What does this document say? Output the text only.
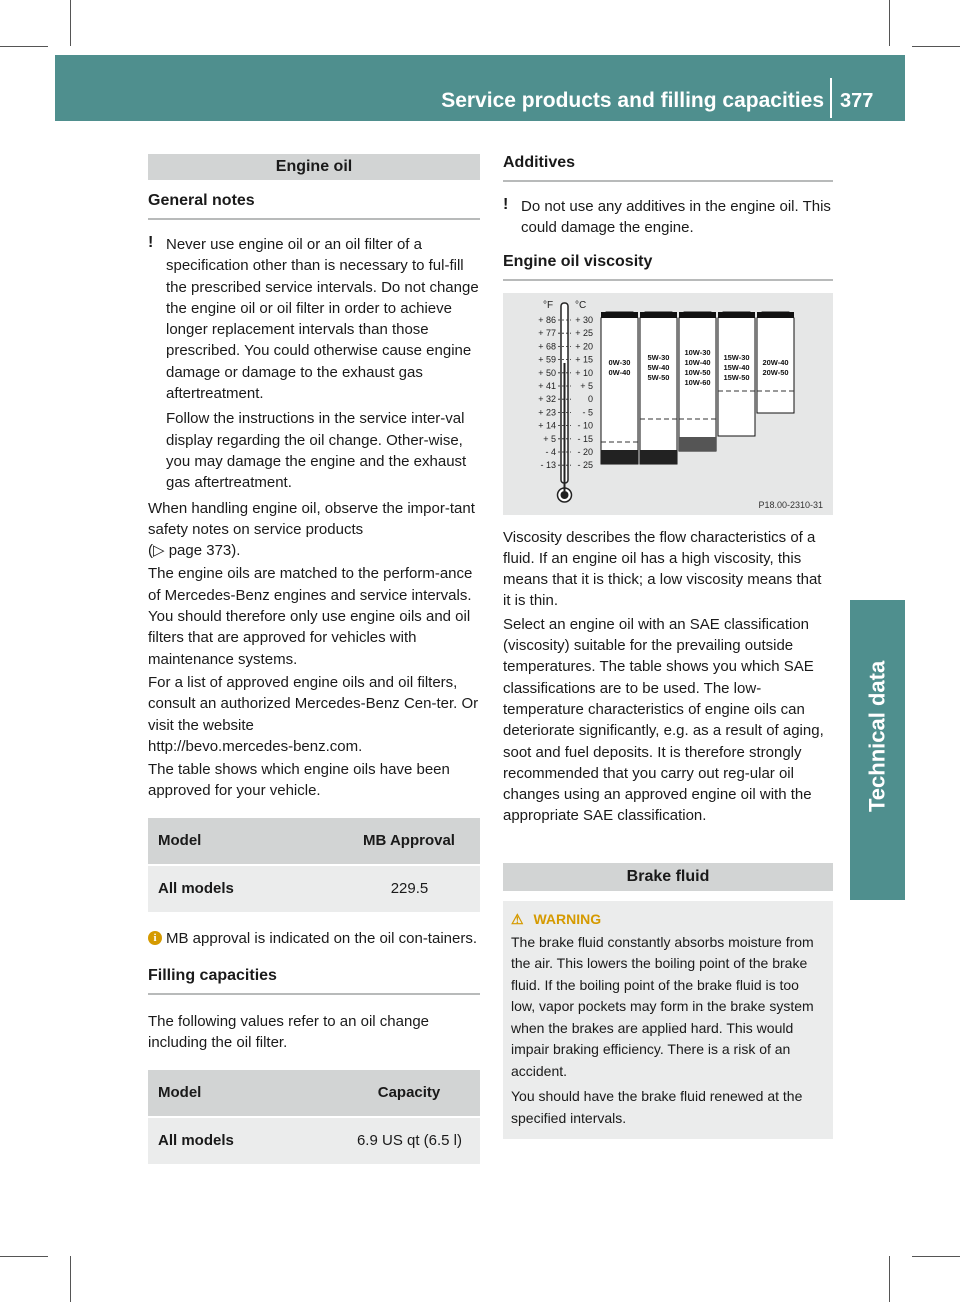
Service products and filling capacities 377
Technical data
Engine oil
General notes
! Never use engine oil or an oil filter of a specification other than is necessary to ful-fill the prescribed service intervals. Do not change the engine oil or oil filter in order to achieve longer replacement intervals than those prescribed. You could otherwise cause engine damage or damage to the exhaust gas aftertreatment.

Follow the instructions in the service inter-val display regarding the oil change. Other-wise, you may damage the engine and the exhaust gas aftertreatment.

When handling engine oil, observe the impor-tant safety notes on service products

(▷ page 373).

The engine oils are matched to the perform-ance of Mercedes-Benz engines and service intervals. You should therefore only use engine oils and oil filters that are approved for vehicles with maintenance systems.

For a list of approved engine oils and oil filters, consult an authorized Mercedes-Benz Cen-ter. Or visit the website

http://bevo.mercedes-benz.com.

The table shows which engine oils have been approved for your vehicle.

Model	MB Approval
All models	229.5
i MB approval is indicated on the oil con-tainers.

Filling capacities

The following values refer to an oil change including the oil filter.

Model	Capacity
All models	6.9 US qt (6.5 l)
Additives
! Do not use any additives in the engine oil. This could damage the engine.

Engine oil viscosity
°F °C
+ 86 + 30
+ 77 + 25
+ 68 + 20
+ 59 + 15
+ 50 + 10
+ 41	+ 5
+ 32	0
+ 23	- 5
+ 14 - 10
+ 5 - 15
- 4 - 20
- 13 - 25
0W-30
0W-40
5W-30
5W-40
5W-50
10W-30
10W-40
10W-50
10W-60
15W-30
15W-40
15W-50
20W-40
20W-50
P18.00-2310-31

Viscosity describes the flow characteristics of a fluid. If an engine oil has a high viscosity, this means that it is thick; a low viscosity means that it is thin.

Select an engine oil with an SAE classification (viscosity) suitable for the prevailing outside temperatures. The table shows you which SAE classifications are to be used. The low-temperature characteristics of engine oils can deteriorate significantly, e.g. as a result of aging, soot and fuel deposits. It is therefore strongly recommended that you carry out reg-ular oil changes using an approved engine oil with the appropriate SAE classification.

Brake fluid
⚠ WARNING

The brake fluid constantly absorbs moisture from the air. This lowers the boiling point of the brake fluid. If the boiling point of the brake fluid is too low, vapor pockets may form in the brake system when the brakes are applied hard. This would impair braking efficiency. There is a risk of an accident.

You should have the brake fluid renewed at the specified intervals.
